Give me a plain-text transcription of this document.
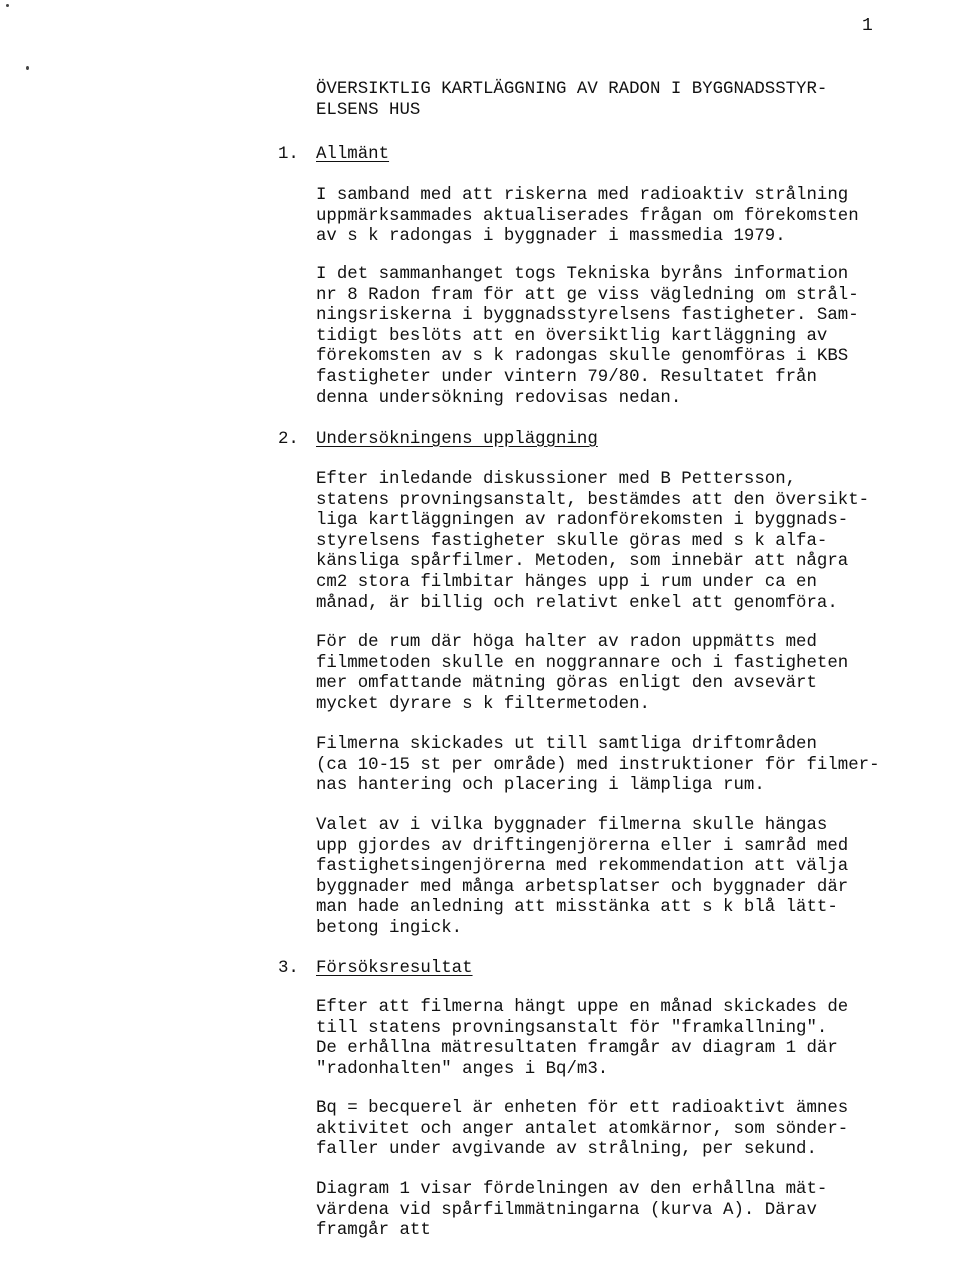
1
ÖVERSIKTLIG KARTLÄGGNING AV RADON I BYGGNADSSTYR-
ELSENS HUS
1. Allmänt
I samband med att riskerna med radioaktiv strålning
uppmärksammades aktualiserades frågan om förekomsten
av s k radongas i byggnader i massmedia 1979.
I det sammanhanget togs Tekniska byråns information
nr 8 Radon fram för att ge viss vägledning om strål-
ningsriskerna i byggnadsstyrelsens fastigheter. Sam-
tidigt beslöts att en översiktlig kartläggning av
förekomsten av s k radongas skulle genomföras i KBS
fastigheter under vintern 79/80. Resultatet från
denna undersökning redovisas nedan.
2. Undersökningens uppläggning
Efter inledande diskussioner med B Pettersson,
statens provningsanstalt, bestämdes att den översikt-
liga kartläggningen av radonförekomsten i byggnads-
styrelsens fastigheter skulle göras med s k alfa-
känsliga spårfilmer. Metoden, som innebär att några
cm2 stora filmbitar hänges upp i rum under ca en
månad, är billig och relativt enkel att genomföra.
För de rum där höga halter av radon uppmätts med
filmmetoden skulle en noggrannare och i fastigheten
mer omfattande mätning göras enligt den avsevärt
mycket dyrare s k filtermetoden.
Filmerna skickades ut till samtliga driftområden
(ca 10-15 st per område) med instruktioner för filmer-
nas hantering och placering i lämpliga rum.
Valet av i vilka byggnader filmerna skulle hängas
upp gjordes av driftingenjörerna eller i samråd med
fastighetsingenjörerna med rekommendation att välja
byggnader med många arbetsplatser och byggnader där
man hade anledning att misstänka att s k blå lätt-
betong ingick.
3. Försöksresultat
Efter att filmerna hängt uppe en månad skickades de
till statens provningsanstalt för "framkallning".
De erhållna mätresultaten framgår av diagram 1 där
"radonhalten" anges i Bq/m3.
Bq = becquerel är enheten för ett radioaktivt ämnes
aktivitet och anger antalet atomkärnor, som sönder-
faller under avgivande av strålning, per sekund.
Diagram 1 visar fördelningen av den erhållna mät-
värdena vid spårfilmmätningarna (kurva A). Därav
framgår att
